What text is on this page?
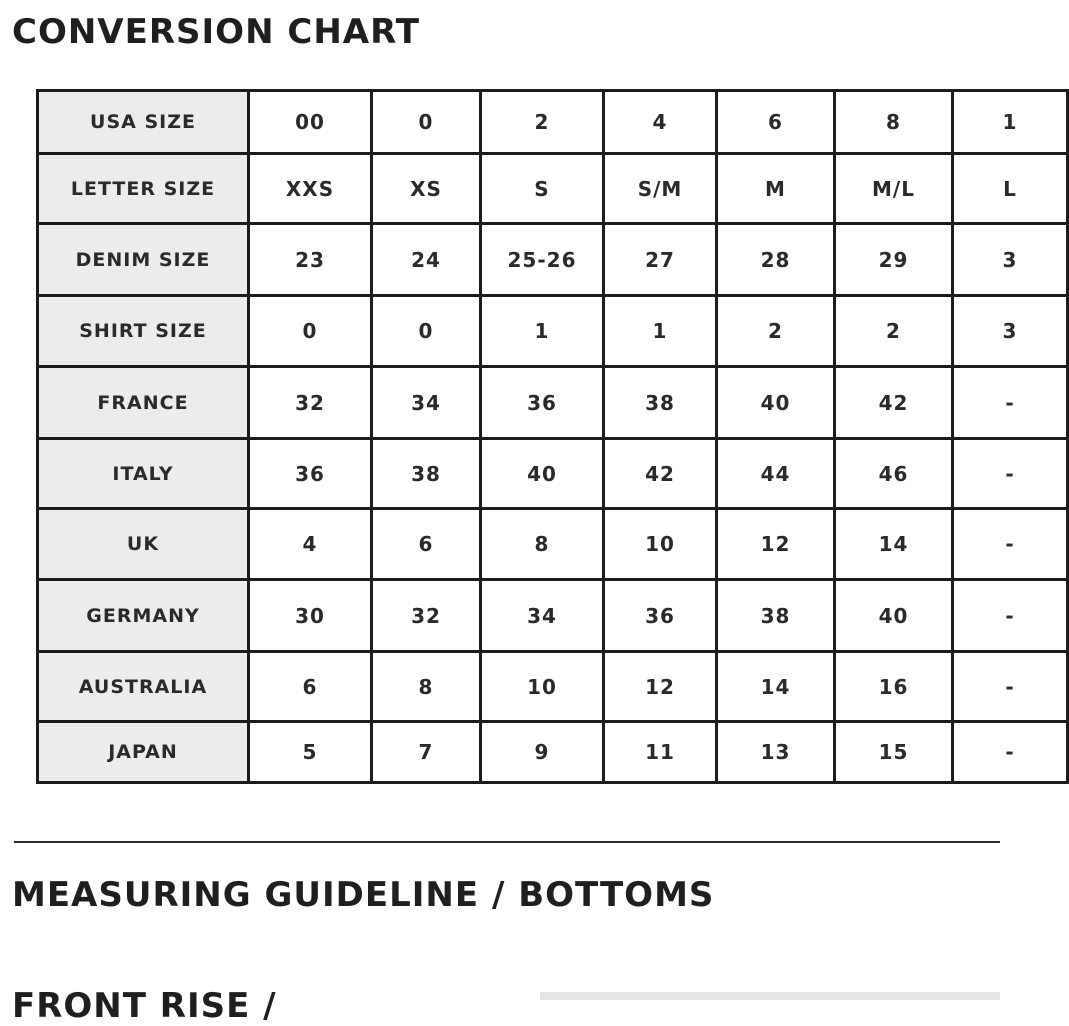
CONVERSION CHART
USA SIZE	00	0	2	4	6	8	1
LETTER SIZE	XXS	XS	S	S/M	M	M/L	L
DENIM SIZE	23	24	25-26	27	28	29	3
SHIRT SIZE	0	0	1	1	2	2	3
FRANCE	32	34	36	38	40	42	-
ITALY	36	38	40	42	44	46	-
UK	4	6	8	10	12	14	-
GERMANY	30	32	34	36	38	40	-
AUSTRALIA	6	8	10	12	14	16	-
JAPAN	5	7	9	11	13	15	-
MEASURING GUIDELINE / BOTTOMS
FRONT RISE /
